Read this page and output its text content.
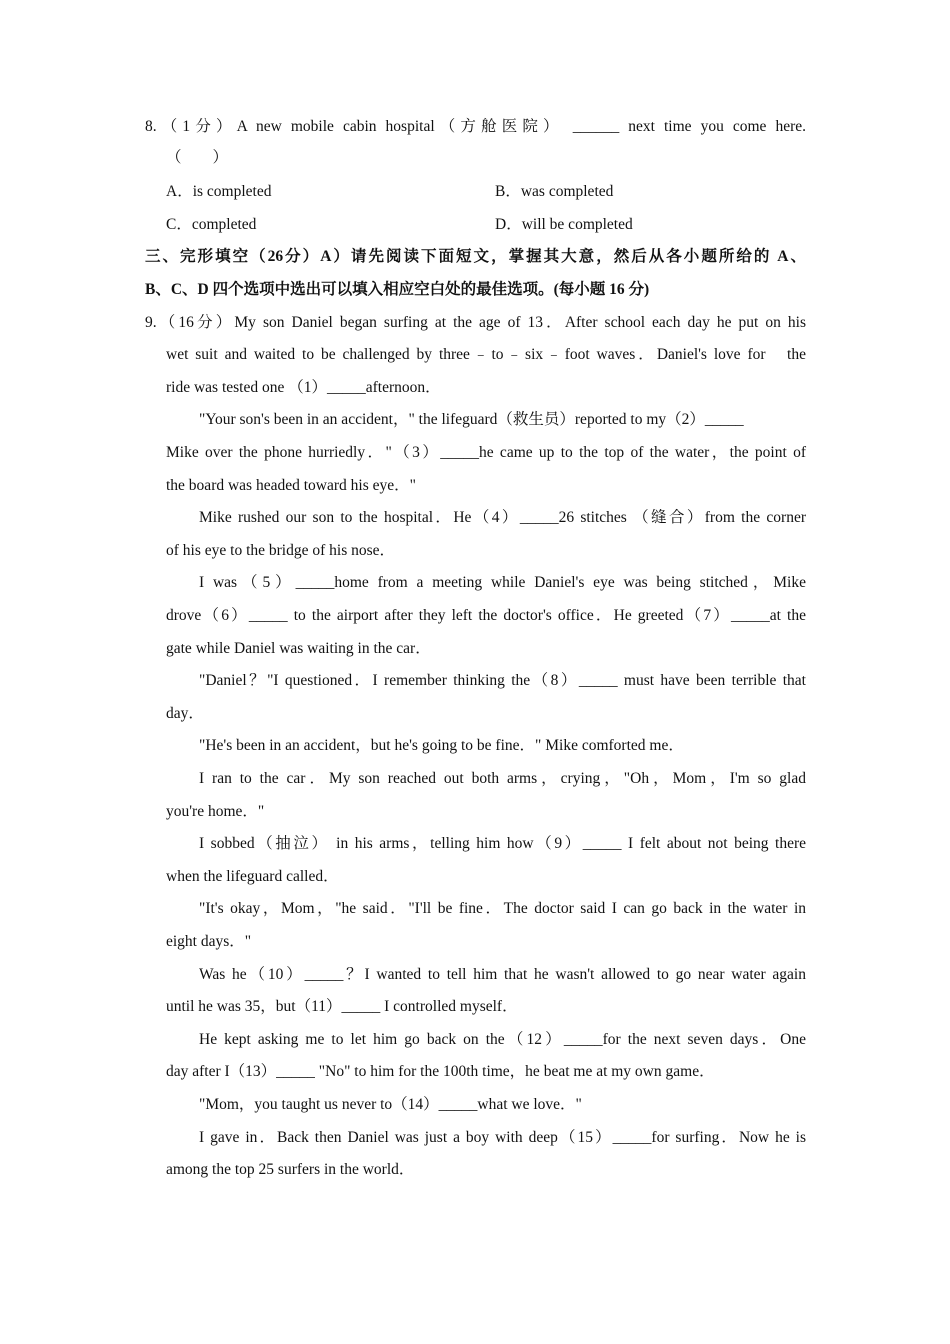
8.（1分）A new mobile cabin hospital（方舱医院） ______ next time you come here.
（　　）
A．is completed	B．was completed
C．completed	D．will be completed
三、完形填空（26分）A）请先阅读下面短文，掌握其大意，然后从各小题所给的 A、
B、C、D 四个选项中选出可以填入相应空白处的最佳选项。(每小题 16 分)
9.（16分）My son Daniel began surfing at the age of 13．After school each day he put on his
wet suit and waited to be challenged by three﹣to﹣six﹣foot waves．Daniel's love for　the
ride was tested one （1）_____afternoon．
"Your son's been in an accident，" the lifeguard（救生员）reported to my（2）_____
Mike over the phone hurriedly．"（3）_____he came up to the top of the water，the point of
the board was headed toward his eye．"
Mike rushed our son to the hospital．He（4）_____26 stitches （缝合）from the corner
of his eye to the bridge of his nose．
I was（5）_____home from a meeting while Daniel's eye was being stitched，Mike
drove（6）_____ to the airport after they left the doctor's office．He greeted（7）_____at the
gate while Daniel was waiting in the car．
"Daniel？"I questioned．I remember thinking the（8）_____ must have been terrible that
day．
"He's been in an accident，but he's going to be fine．" Mike comforted me．
I ran to the car．My son reached out both arms，crying，"Oh，Mom，I'm so glad
you're home．"
I sobbed（抽泣） in his arms，telling him how（9）_____ I felt about not being there
when the lifeguard called．
"It's okay，Mom，"he said．"I'll be fine．The doctor said I can go back in the water in
eight days．"
Was he（10）_____？I wanted to tell him that he wasn't allowed to go near water again
until he was 35，but（11）_____ I controlled myself．
He kept asking me to let him go back on the（12）_____for the next seven days．One
day after I（13）_____ "No" to him for the 100th time，he beat me at my own game．
"Mom，you taught us never to（14）_____what we love．"
I gave in．Back then Daniel was just a boy with deep（15）_____for surfing．Now he is
among the top 25 surfers in the world．
